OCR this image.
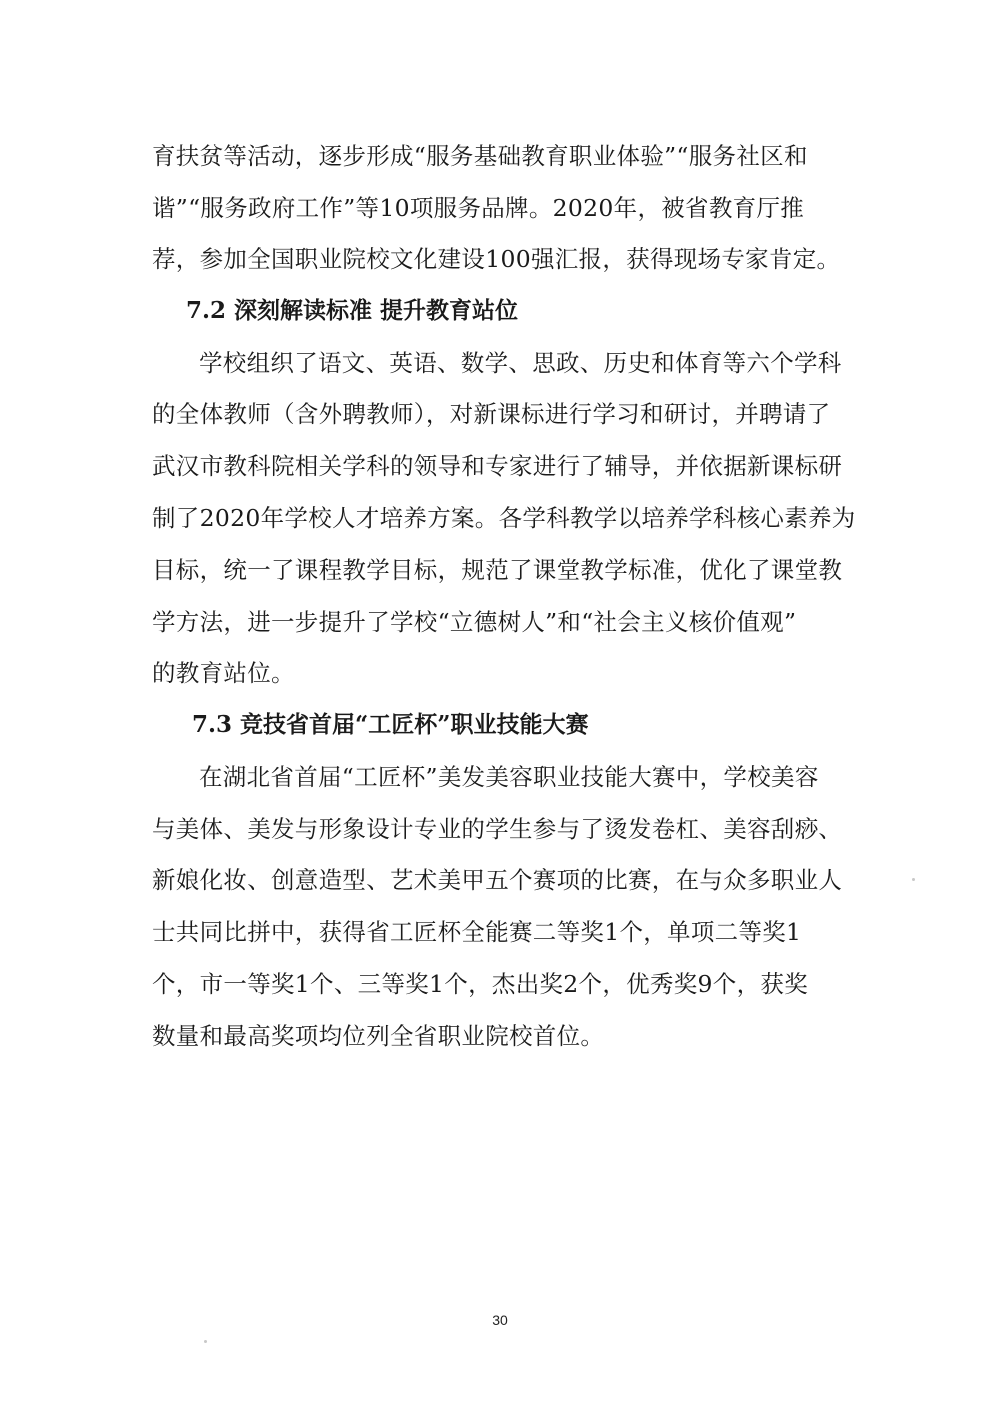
育扶贫等活动，逐步形成“服务基础教育职业体验”“服务社区和
谐”“服务政府工作”等10项服务品牌。2020年，被省教育厅推
荐，参加全国职业院校文化建设100强汇报，获得现场专家肯定。
7.2 深刻解读标准 提升教育站位
学校组织了语文、英语、数学、思政、历史和体育等六个学科
的全体教师（含外聘教师），对新课标进行学习和研讨，并聘请了
武汉市教科院相关学科的领导和专家进行了辅导，并依据新课标研
制了2020年学校人才培养方案。各学科教学以培养学科核心素养为
目标，统一了课程教学目标，规范了课堂教学标准，优化了课堂教
学方法，进一步提升了学校“立德树人”和“社会主义核价值观”
的教育站位。
7.3 竞技省首届“工匠杯”职业技能大赛
在湖北省首届“工匠杯”美发美容职业技能大赛中，学校美容
与美体、美发与形象设计专业的学生参与了烫发卷杠、美容刮痧、
新娘化妆、创意造型、艺术美甲五个赛项的比赛，在与众多职业人
士共同比拼中，获得省工匠杯全能赛二等奖1个，单项二等奖1
个，市一等奖1个、三等奖1个，杰出奖2个，优秀奖9个，获奖
数量和最高奖项均位列全省职业院校首位。
30
